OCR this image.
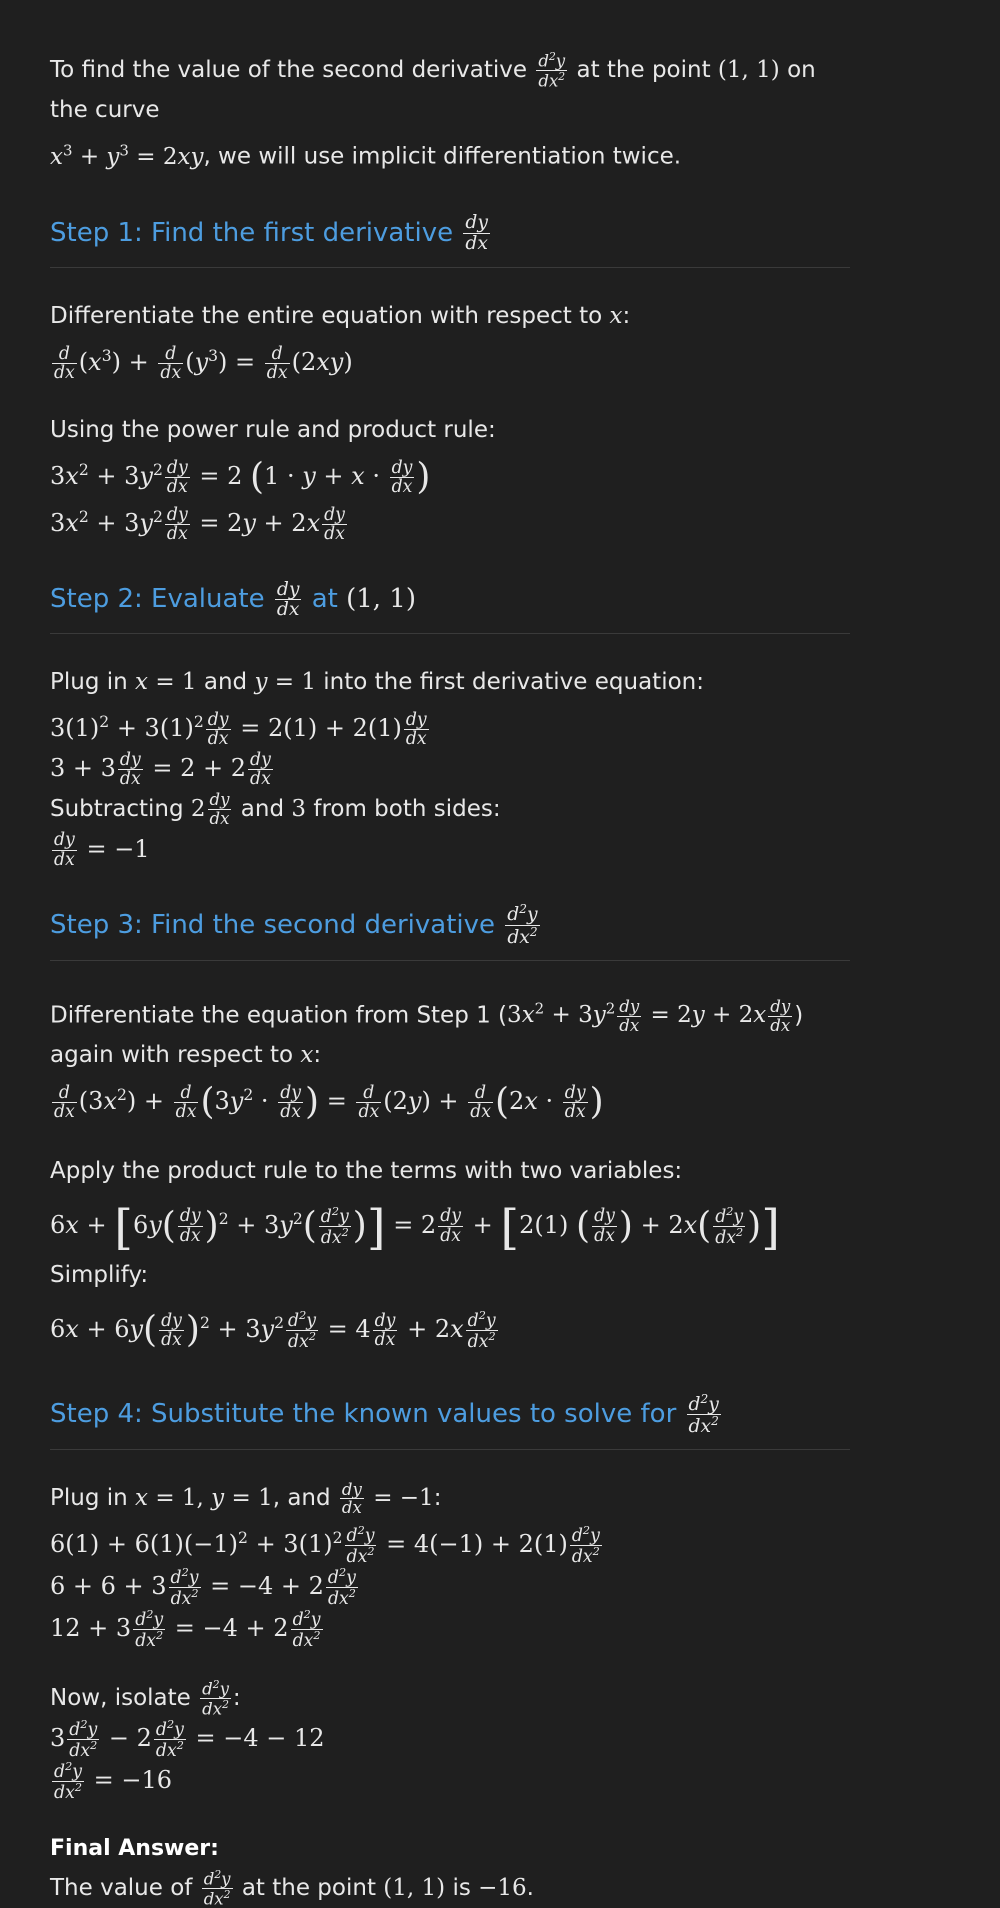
To find the value of the second derivative $\frac{d^2y}{dx^2}$ at the point (1, 1) on the curve
$x^3 + y^3 = 2xy$, we will use implicit differentiation twice.

Step 1: Find the first derivative $\frac{dy}{dx}$

Differentiate the entire equation with respect to x:

$\frac{d}{dx} (x^3) + \frac{d}{dx} (y^3) = \frac{d}{dx} (2xy)$

Using the power rule and product rule:

$3x^2 + 3y^2 \frac{dy}{dx} = 2$ ($1 \cdot y + x \cdot \frac{dy}{dx}$ )
$3x^2 + 3y^2 \frac{dy}{dx} = 2y + 2x \frac{dy}{dx}$
Step 2: Evaluate $\frac{dy}{dx}$ at (1, 1)

Plug in x = 1 and y = 1 into the first derivative equation:

$3(1)^2 + 3(1)^2 \frac{dy}{dx} = 2(1) + 2(1) \frac{dy}{dx}$
$3 + 3 \frac{dy}{dx} = 2 + 2 \frac{dy}{dx}$

Subtracting $2 \frac{dy}{dx}$ and 3 from both sides:

$\frac{dy}{dx} = -1$
Step 3: Find the second derivative $\frac{d^2y}{dx^2}$

Differentiate the equation from Step 1 ($3x^2 + 3y^2 \frac{dy}{dx} = 2y + 2x \frac{dy}{dx}$ ) again with respect to x:

$\frac{d}{dx} (3x^2) + \frac{d}{dx} (3y^2 \cdot \frac{dy}{dx}$ ) = $\frac{d}{dx} (2y) + \frac{d}{dx} (2x \cdot \frac{dy}{dx}$ )

Apply the product rule to the terms with two variables:

$6x + [6y( \frac{dy}{dx} )^2 + 3y^2( \frac{d^2y}{dx^2}$ )] = $2 \frac{dy}{dx} + [2(1)$ ( $\frac{dy}{dx}$ ) + $2x( \frac{d^2y}{dx^2}$ )]

Simplify:

$6x + 6y( \frac{dy}{dx} )^2 + 3y^2 \frac{d^2y}{dx^2} = 4 \frac{dy}{dx} + 2x \frac{d^2y}{dx^2}$
Step 4: Substitute the known values to solve for $\frac{d^2y}{dx^2}$

Plug in x = 1, y = 1, and $\frac{dy}{dx} = -1$:

$6(1) + 6(1)(-1)^2 + 3(1)^2 \frac{d^2y}{dx^2} = 4(-1) + 2(1) \frac{d^2y}{dx^2}$
$6 + 6 + 3 \frac{d^2y}{dx^2} = -4 + 2 \frac{d^2y}{dx^2}$
$12 + 3 \frac{d^2y}{dx^2} = -4 + 2 \frac{d^2y}{dx^2}$

Now, isolate $\frac{d^2y}{dx^2}$ :

$3 \frac{d^2y}{dx^2} - 2 \frac{d^2y}{dx^2} = -4 - 12$
$\frac{d^2y}{dx^2} = -16$
Final Answer:

The value of $\frac{d^2y}{dx^2}$ at the point (1, 1) is −16.
